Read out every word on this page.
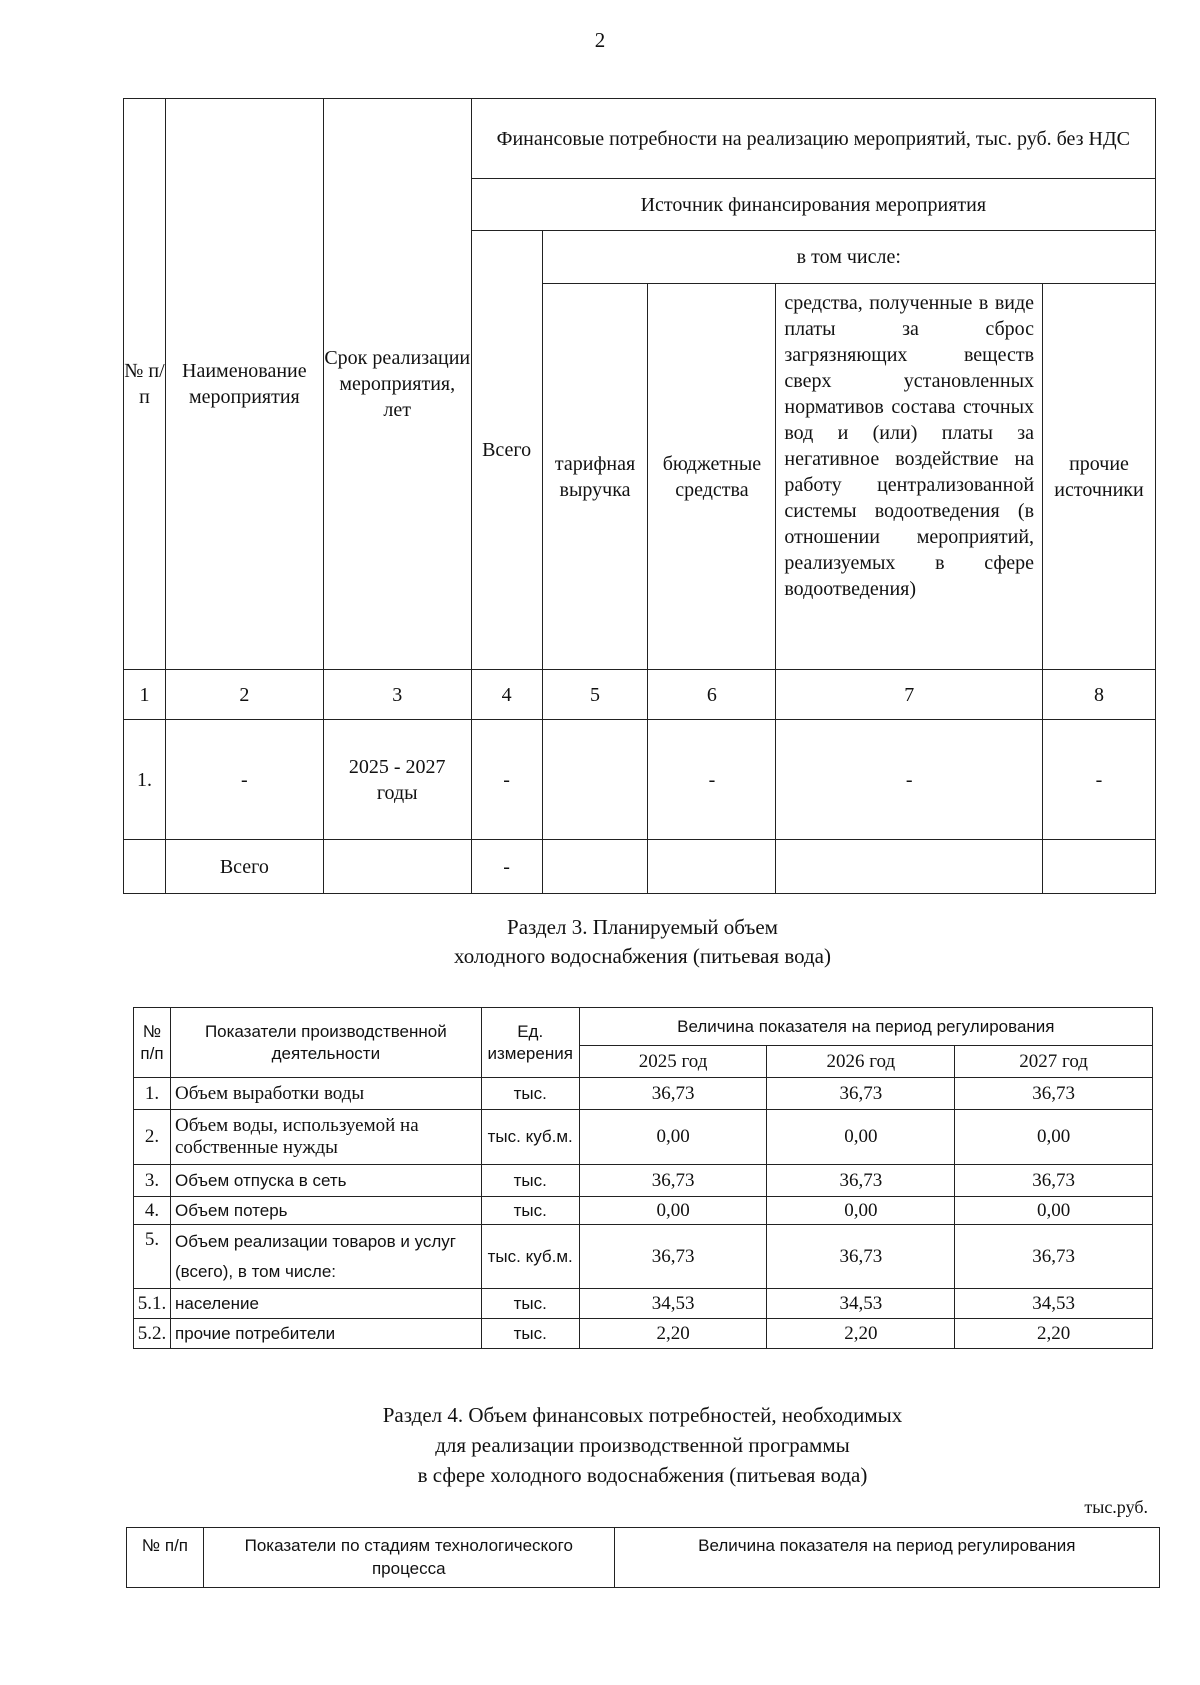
2
№ п/п	Наименование мероприятия	Срок реализации мероприятия, лет	Финансовые потребности на реализацию мероприятий, тыс. руб. без НДС				
			Источник финансирования мероприятия				
			Всего	в том числе:			
				тарифная выручка	бюджетные средства	средства, полученные в виде платы за сброс загрязняющих веществ сверх установленных нормативов состава сточных вод и (или) платы за негативное воздействие на работу централизованной системы водоотведения (в отношении мероприятий, реализуемых в сфере водоотведения)	прочие источники
1	2	3	4	5	6	7	8
1.	-	2025 - 2027 годы	-		-	-	-
	Всего		-				
Раздел 3. Планируемый объем
холодного водоснабжения (питьевая вода)
№ п/п	Показатели производственной деятельности	Ед. измерения	Величина показателя на период регулирования		
			2025 год	2026 год	2027 год
1.	Объем выработки воды	тыс.	36,73	36,73	36,73
2.	Объем воды, используемой на собственные нужды	тыс. куб.м.	0,00	0,00	0,00
3.	Объем отпуска в сеть	тыс.	36,73	36,73	36,73
4.	Объем потерь	тыс.	0,00	0,00	0,00
5.	Объем реализации товаров и услуг (всего), в том числе:	тыс. куб.м.	36,73	36,73	36,73
5.1.	население	тыс.	34,53	34,53	34,53
5.2.	прочие потребители	тыс.	2,20	2,20	2,20
Раздел 4. Объем финансовых потребностей, необходимых
для реализации производственной программы
в сфере холодного водоснабжения (питьевая вода)
тыс.руб.
№ п/п	Показатели по стадиям технологического процесса	Величина показателя на период регулирования
